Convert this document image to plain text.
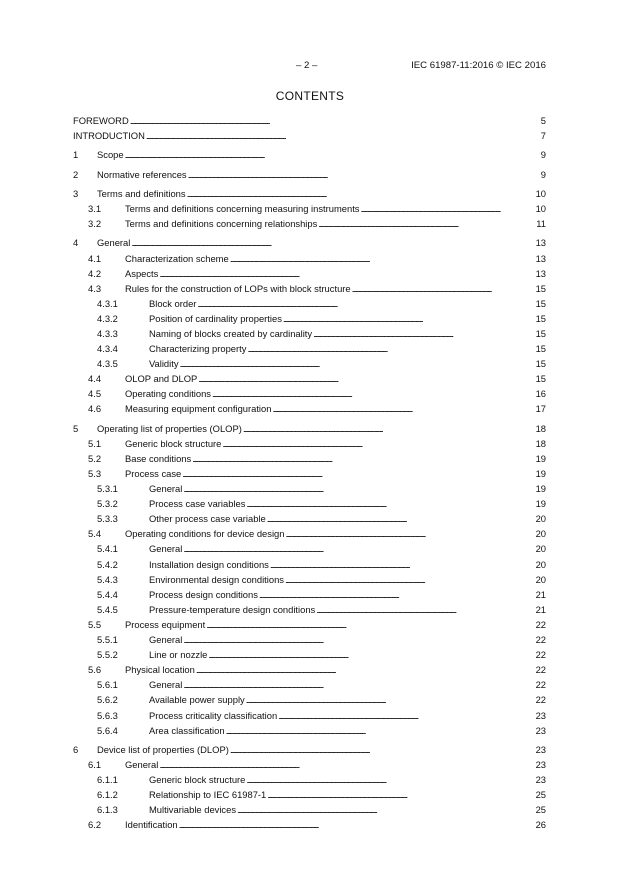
– 2 –	IEC 61987-11:2016 © IEC 2016
CONTENTS
FOREWORD . . .	5
INTRODUCTION . . .	7
1	Scope . . .	9
2	Normative references . . .	9
3	Terms and definitions . . .	10
3.1	Terms and definitions concerning measuring instruments . . .	10
3.2	Terms and definitions concerning relationships . . .	11
4	General . . .	13
4.1	Characterization scheme . . .	13
4.2	Aspects . . .	13
4.3	Rules for the construction of LOPs with block structure . . .	15
4.3.1	Block order . . .	15
4.3.2	Position of cardinality properties . . .	15
4.3.3	Naming of blocks created by cardinality . . .	15
4.3.4	Characterizing property . . .	15
4.3.5	Validity . . .	15
4.4	OLOP and DLOP . . .	15
4.5	Operating conditions . . .	16
4.6	Measuring equipment configuration . . .	17
5	Operating list of properties (OLOP) . . .	18
5.1	Generic block structure . . .	18
5.2	Base conditions . . .	19
5.3	Process case . . .	19
5.3.1	General . . .	19
5.3.2	Process case variables . . .	19
5.3.3	Other process case variable . . .	20
5.4	Operating conditions for device design . . .	20
5.4.1	General . . .	20
5.4.2	Installation design conditions . . .	20
5.4.3	Environmental design conditions . . .	20
5.4.4	Process design conditions . . .	21
5.4.5	Pressure-temperature design conditions . . .	21
5.5	Process equipment . . .	22
5.5.1	General . . .	22
5.5.2	Line or nozzle . . .	22
5.6	Physical location . . .	22
5.6.1	General . . .	22
5.6.2	Available power supply . . .	22
5.6.3	Process criticality classification . . .	23
5.6.4	Area classification . . .	23
6	Device list of properties (DLOP) . . .	23
6.1	General . . .	23
6.1.1	Generic block structure . . .	23
6.1.2	Relationship to IEC 61987-1 . . .	25
6.1.3	Multivariable devices . . .	25
6.2	Identification . . .	26
